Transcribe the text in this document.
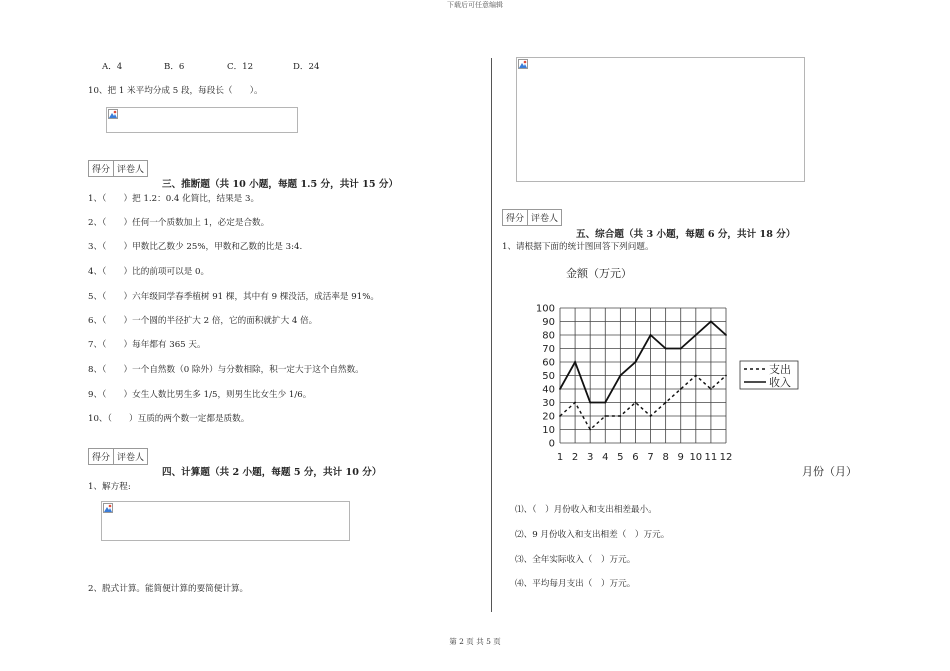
下载后可任意编辑
A．4	B．6	C．12	D．24
10、把 1 米平均分成 5 段，每段长（　　）。
得分 评卷人
三、推断题（共 10 小题，每题 1.5 分，共计 15 分）
1、（　　）把 1.2：0.4 化简比，结果是 3。
2、（　　）任何一个质数加上 1，必定是合数。
3、（　　）甲数比乙数少 25%，甲数和乙数的比是 3:4.
4、（　　）比的前项可以是 0。
5、（　　）六年级同学春季植树 91 棵，其中有 9 棵没活，成活率是 91%。
6、（　　）一个圆的半径扩大 2 倍，它的面积就扩大 4 倍。
7、（　　）每年都有 365 天。
8、（　　）一个自然数（0 除外）与分数相除，积一定大于这个自然数。
9、（　　）女生人数比男生多 1/5，则男生比女生少 1/6。
10、（　　）互质的两个数一定都是质数。
得分 评卷人
四、计算题（共 2 小题，每题 5 分，共计 10 分）
1、解方程:
2、脱式计算。能简便计算的要简便计算。
得分 评卷人
五、综合题（共 3 小题，每题 6 分，共计 18 分）
1、请根据下面的统计图回答下列问题。
金额（万元）
月份（月）
0
10
20
30
40
50
60
70
80
90
100
1 2 3 4 5 6 7 8 9 10 11 12
支出
收入
⑴、（　）月份收入和支出相差最小。
⑵、9 月份收入和支出相差（　）万元。
⑶、全年实际收入（　）万元。
⑷、平均每月支出（　）万元。
第 2 页 共 5 页
